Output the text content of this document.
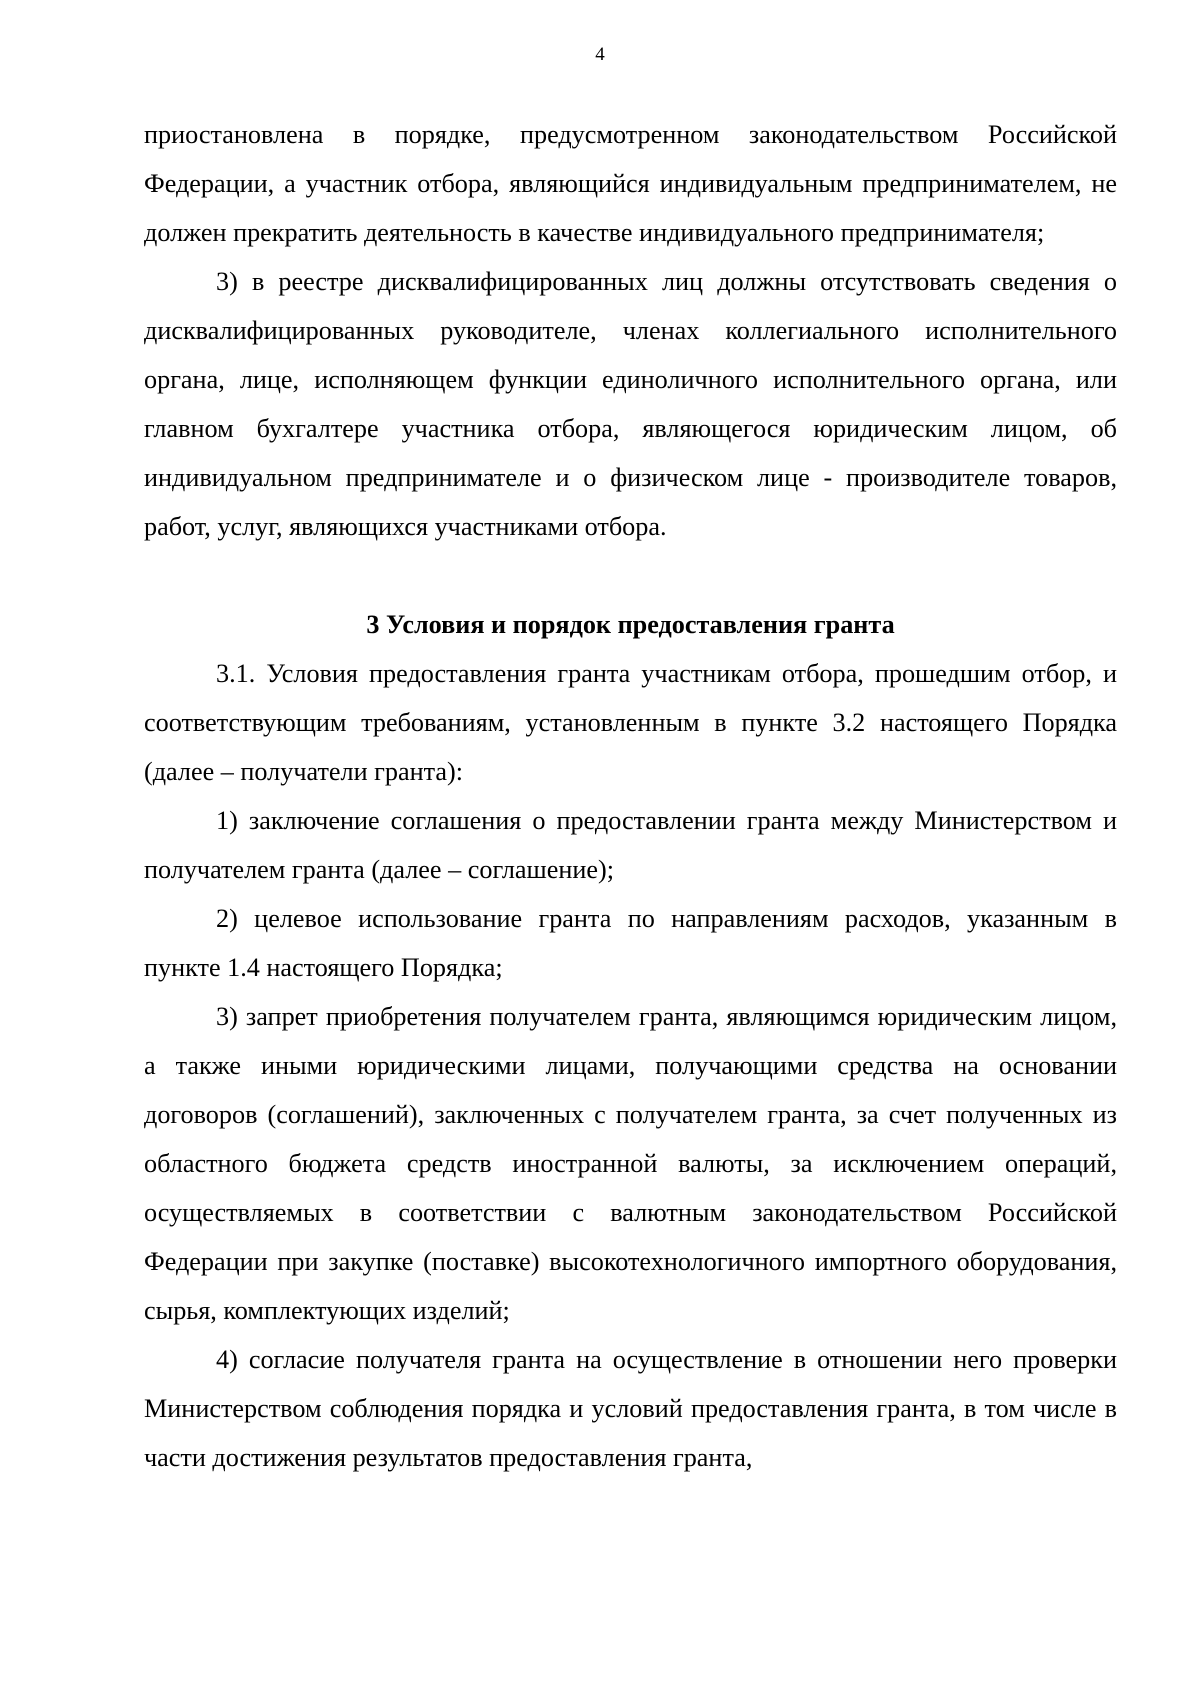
4

приостановлена в порядке, предусмотренном законодательством Российской Федерации, а участник отбора, являющийся индивидуальным предпринимателем, не должен прекратить деятельность в качестве индивидуального предпринимателя;

3) в реестре дисквалифицированных лиц должны отсутствовать сведения о дисквалифицированных руководителе, членах коллегиального исполнительного органа, лице, исполняющем функции единоличного исполнительного органа, или главном бухгалтере участника отбора, являющегося юридическим лицом, об индивидуальном предпринимателе и о физическом лице - производителе товаров, работ, услуг, являющихся участниками отбора.

3 Условия и порядок предоставления гранта

3.1. Условия предоставления гранта участникам отбора, прошедшим отбор, и соответствующим требованиям, установленным в пункте 3.2 настоящего Порядка (далее – получатели гранта):

1) заключение соглашения о предоставлении гранта между Министерством и получателем гранта (далее – соглашение);

2) целевое использование гранта по направлениям расходов, указанным в пункте 1.4 настоящего Порядка;

3) запрет приобретения получателем гранта, являющимся юридическим лицом, а также иными юридическими лицами, получающими средства на основании договоров (соглашений), заключенных с получателем гранта, за счет полученных из областного бюджета средств иностранной валюты, за исключением операций, осуществляемых в соответствии с валютным законодательством Российской Федерации при закупке (поставке) высокотехнологичного импортного оборудования, сырья, комплектующих изделий;

4) согласие получателя гранта на осуществление в отношении него проверки Министерством соблюдения порядка и условий предоставления гранта, в том числе в части достижения результатов предоставления гранта,
